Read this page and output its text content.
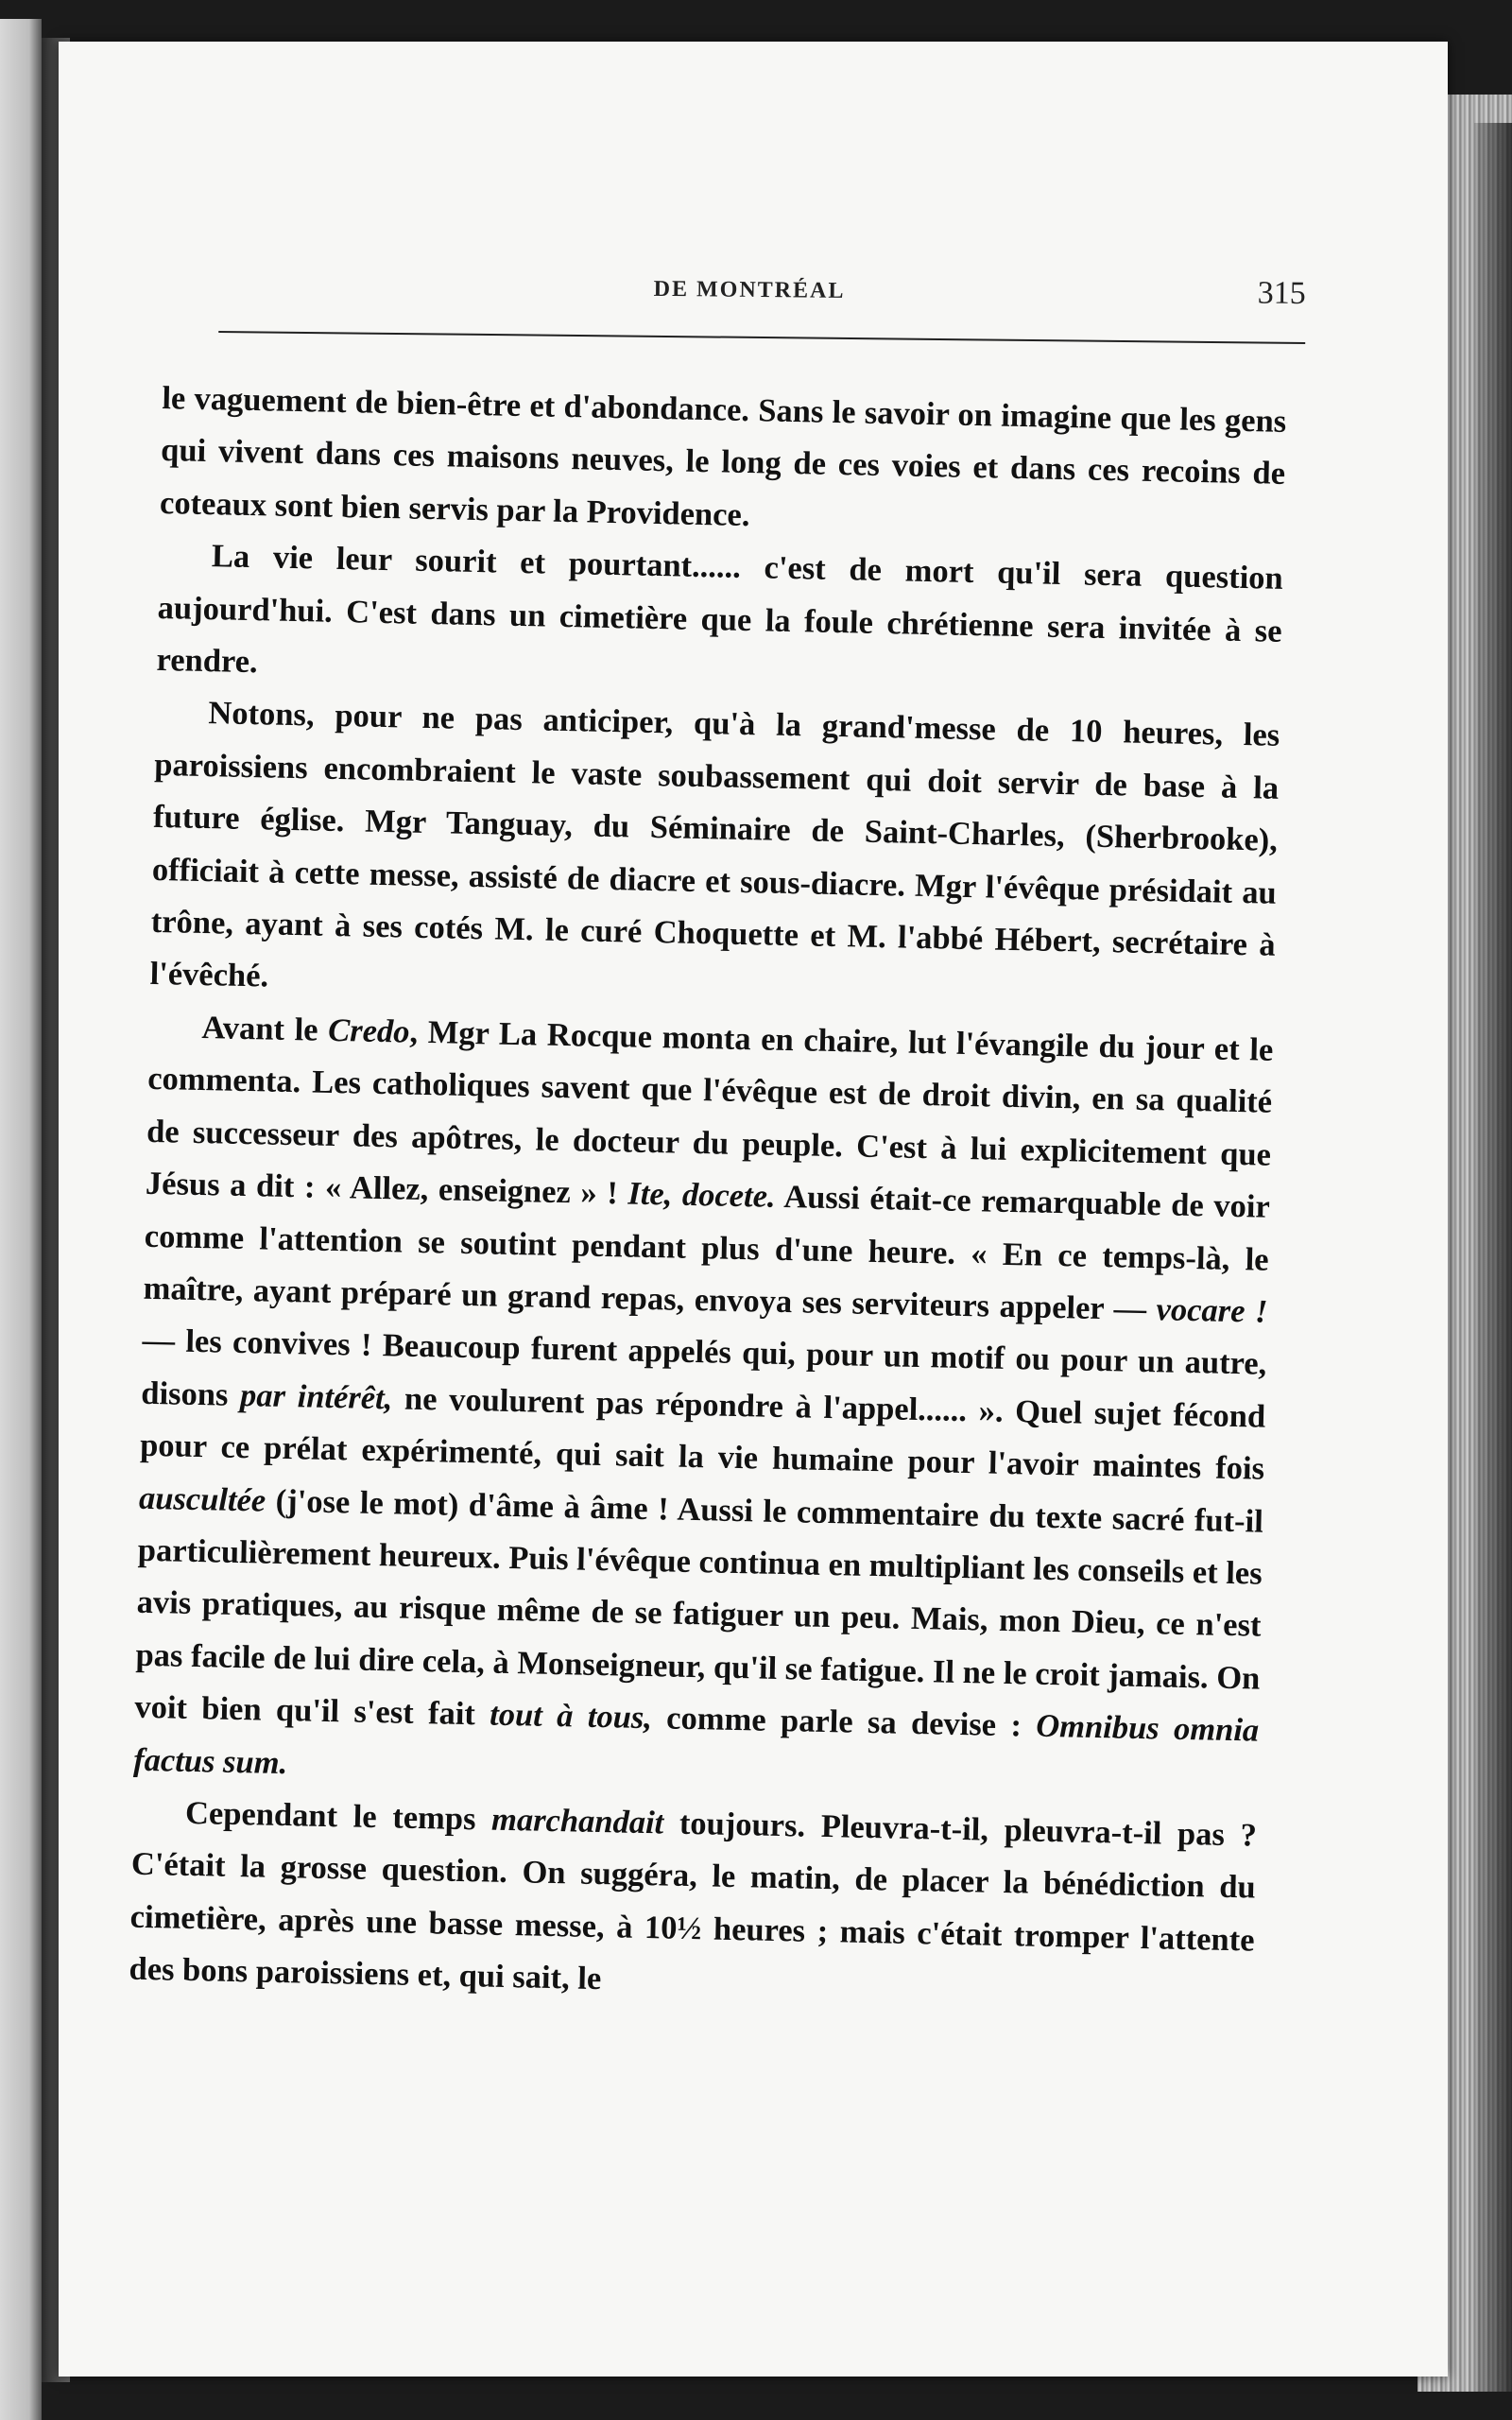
DE MONTRÉAL	315

le vaguement de bien-être et d'abondance. Sans le savoir on imagine que les gens qui vivent dans ces maisons neuves, le long de ces voies et dans ces recoins de coteaux sont bien servis par la Providence.

La vie leur sourit et pourtant...... c'est de mort qu'il sera question aujourd'hui. C'est dans un cimetière que la foule chrétienne sera invitée à se rendre.

Notons, pour ne pas anticiper, qu'à la grand'messe de 10 heures, les paroissiens encombraient le vaste soubassement qui doit servir de base à la future église. Mgr Tanguay, du Séminaire de Saint-Charles, (Sherbrooke), officiait à cette messe, assisté de diacre et sous-diacre. Mgr l'évêque présidait au trône, ayant à ses cotés M. le curé Choquette et M. l'abbé Hébert, secrétaire à l'évêché.

Avant le Credo, Mgr La Rocque monta en chaire, lut l'évangile du jour et le commenta. Les catholiques savent que l'évêque est de droit divin, en sa qualité de successeur des apôtres, le docteur du peuple. C'est à lui explicitement que Jésus a dit : « Allez, enseignez » ! Ite, docete. Aussi était-ce remarquable de voir comme l'attention se soutint pendant plus d'une heure. « En ce temps-là, le maître, ayant préparé un grand repas, envoya ses serviteurs appeler — vocare ! — les convives ! Beaucoup furent appelés qui, pour un motif ou pour un autre, disons par intérêt, ne voulurent pas répondre à l'appel...... ». Quel sujet fécond pour ce prélat expérimenté, qui sait la vie humaine pour l'avoir maintes fois auscultée (j'ose le mot) d'âme à âme ! Aussi le commentaire du texte sacré fut-il particulièrement heureux. Puis l'évêque continua en multipliant les conseils et les avis pratiques, au risque même de se fatiguer un peu. Mais, mon Dieu, ce n'est pas facile de lui dire cela, à Monseigneur, qu'il se fatigue. Il ne le croit jamais. On voit bien qu'il s'est fait tout à tous, comme parle sa devise : Omnibus omnia factus sum.

Cependant le temps marchandait toujours. Pleuvra-t-il, pleuvra-t-il pas ? C'était la grosse question. On suggéra, le matin, de placer la bénédiction du cimetière, après une basse messe, à 10½ heures ; mais c'était tromper l'attente des bons paroissiens et, qui sait, le
